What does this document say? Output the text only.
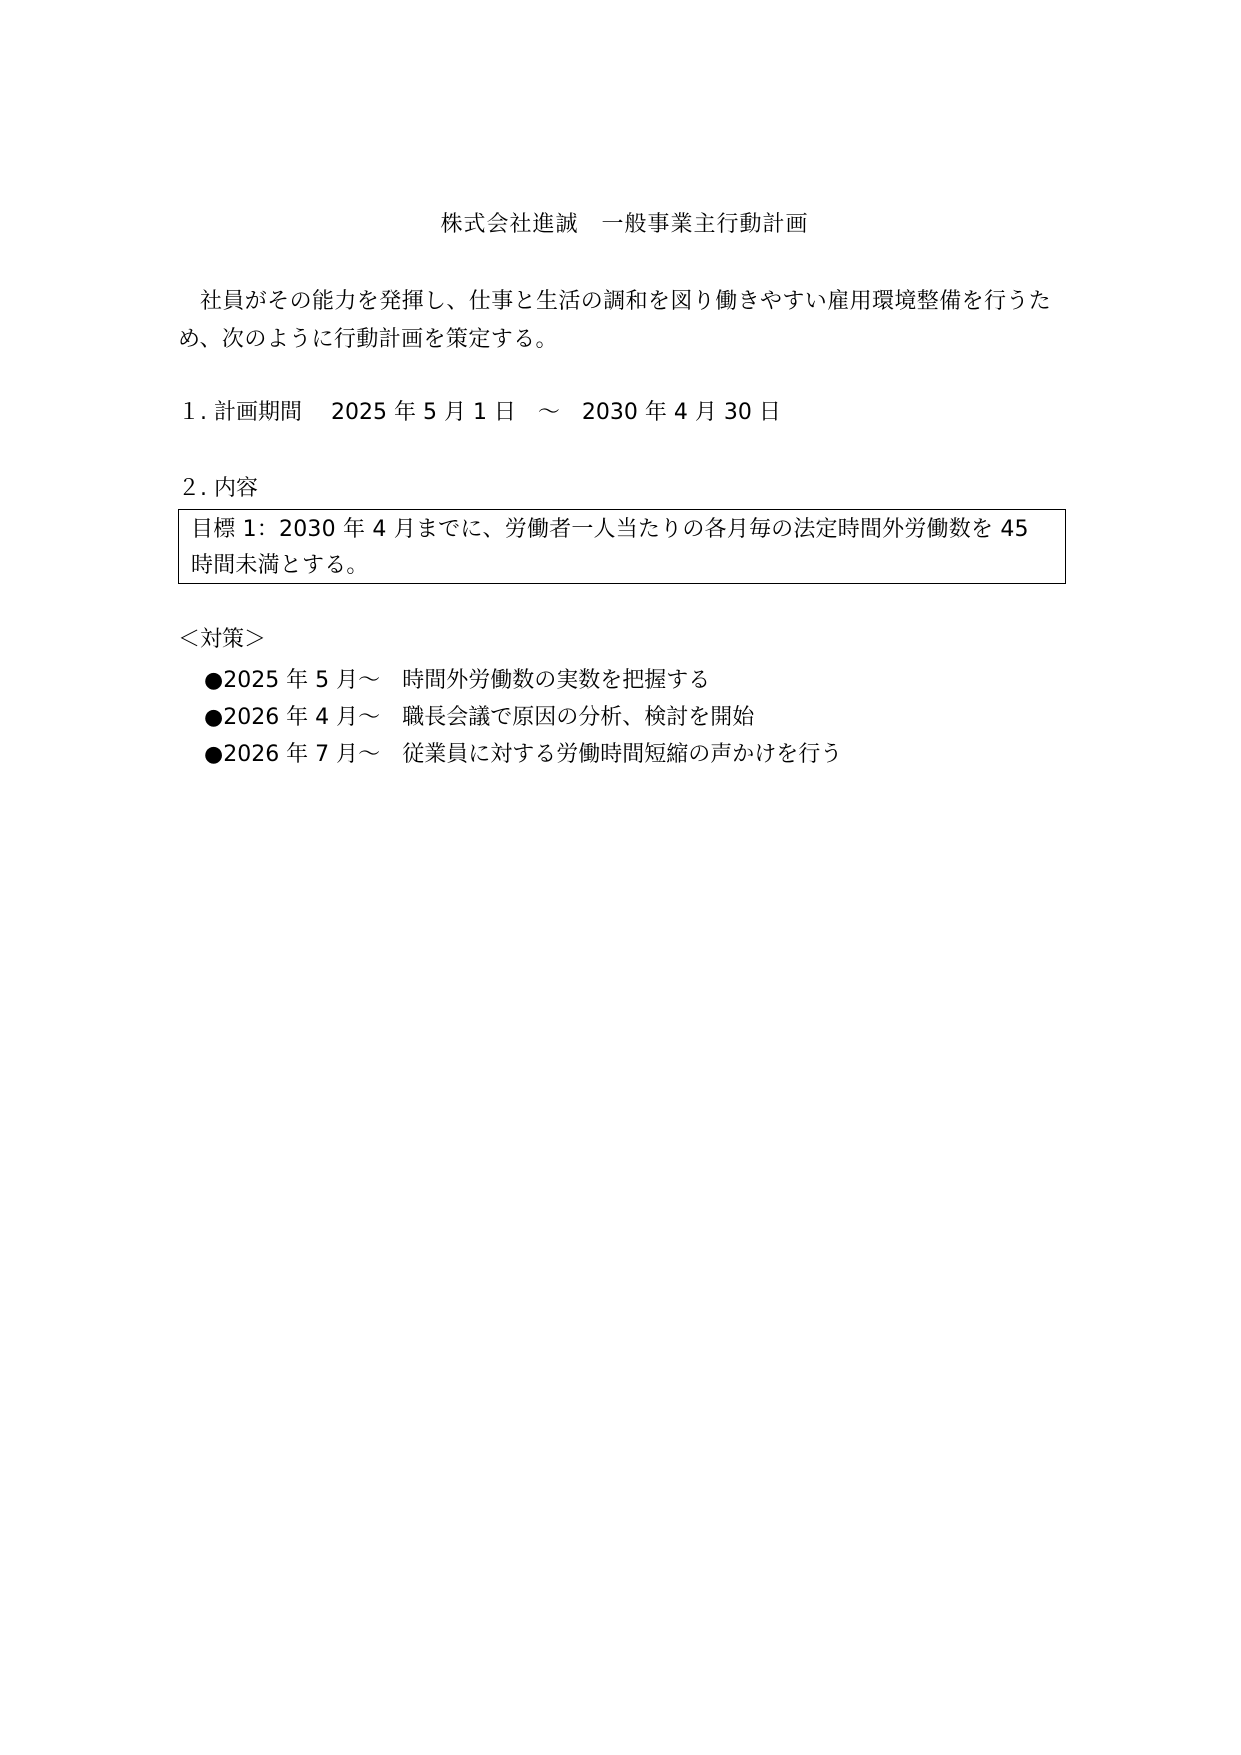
株式会社進誠　一般事業主行動計画

社員がその能力を発揮し、仕事と生活の調和を図り働きやすい雇用環境整備を行うため、次のように行動計画を策定する。

１. 計画期間　 2025 年 5 月 1 日　～　2030 年 4 月 30 日
２. 内容
目標 1：2030 年 4 月までに、労働者一人当たりの各月毎の法定時間外労働数を 45 時間未満とする。
＜対策＞
●2025 年 5 月～　 時間外労働数の実数を把握する
●2026 年 4 月～　 職長会議で原因の分析、検討を開始
●2026 年 7 月～　 従業員に対する労働時間短縮の声かけを行う
